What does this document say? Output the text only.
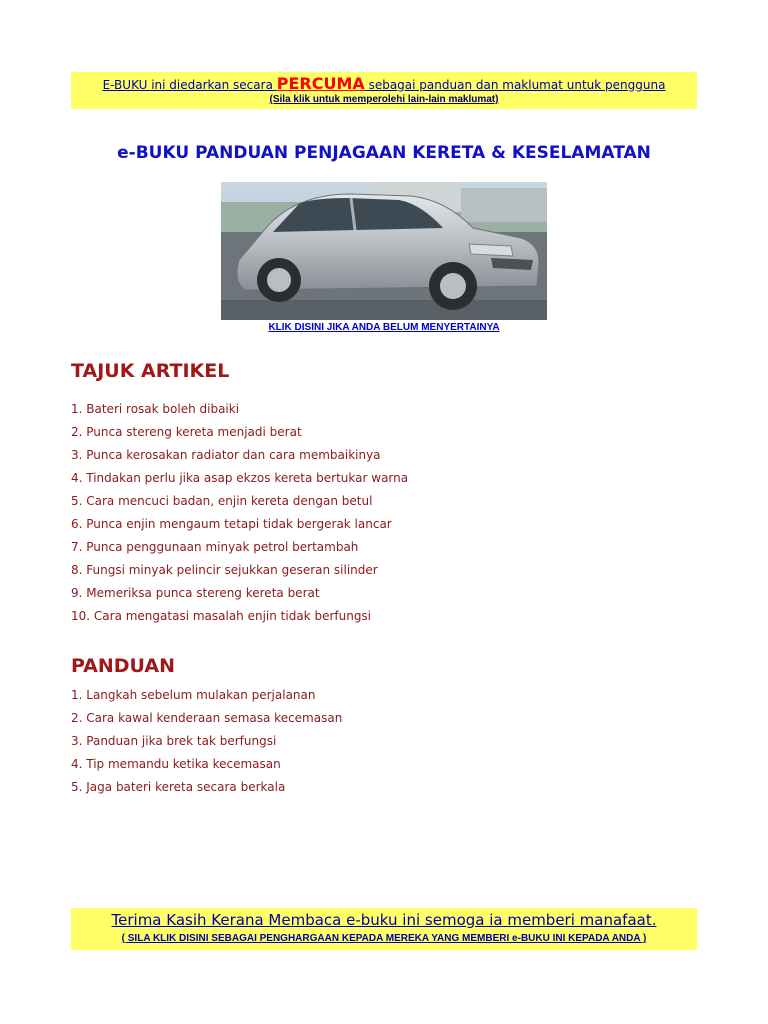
E-BUKU ini diedarkan secara PERCUMA sebagai panduan dan maklumat untuk pengguna
(Sila klik untuk memperolehi lain-lain maklumat)
e-BUKU PANDUAN PENJAGAAN KERETA & KESELAMATAN
KLIK DISINI JIKA ANDA BELUM MENYERTAINYA
TAJUK ARTIKEL
1. Bateri rosak boleh dibaiki
2. Punca stereng kereta menjadi berat
3. Punca kerosakan radiator dan cara membaikinya
4. Tindakan perlu jika asap ekzos kereta bertukar warna
5. Cara mencuci badan, enjin kereta dengan betul
6. Punca enjin mengaum tetapi tidak bergerak lancar
7. Punca penggunaan minyak petrol bertambah
8. Fungsi minyak pelincir sejukkan geseran silinder
9. Memeriksa punca stereng kereta berat
10. Cara mengatasi masalah enjin tidak berfungsi
PANDUAN
1. Langkah sebelum mulakan perjalanan
2. Cara kawal kenderaan semasa kecemasan
3. Panduan jika brek tak berfungsi
4. Tip memandu ketika kecemasan
5. Jaga bateri kereta secara berkala
Terima Kasih Kerana Membaca e-buku ini semoga ia memberi manafaat.
( SILA KLIK DISINI SEBAGAI PENGHARGAAN KEPADA MEREKA YANG MEMBERI e-BUKU INI KEPADA ANDA )
